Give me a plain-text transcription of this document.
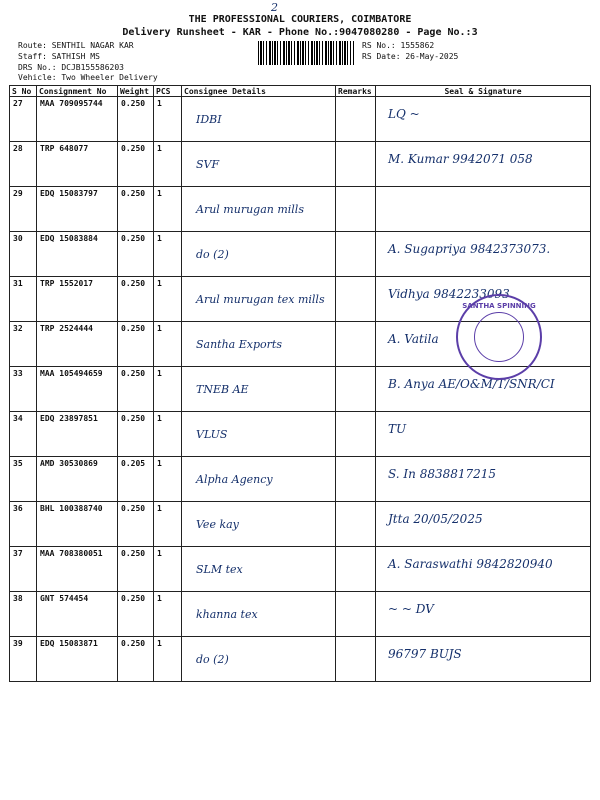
2
THE PROFESSIONAL COURIERS, COIMBATORE
Delivery Runsheet - KAR - Phone No.:9047080280 - Page No.:3
Route: SENTHIL NAGAR KAR
Staff: SATHISH MS
DRS No.: DCJB155586203
Vehicle: Two Wheeler Delivery
RS No.: 1555862
RS Date: 26-May-2025
S No	Consignment No	Weight	PCS	Consignee Details	Remarks	Seal & Signature
27	MAA 709095744	0.250	1	IDBI		LQ ~

28	TRP 648077	0.250	1	SVF		M. Kumar 9942071 058

29	EDQ 15083797	0.250	1	Arul murugan mills		

30	EDQ 15083884	0.250	1	do (2)		A. Sugapriya 9842373073.

31	TRP 1552017	0.250	1	Arul murugan tex mills		Vidhya 9842233093

32	TRP 2524444	0.250	1	Santha Exports		A. Vatila

33	MAA 105494659	0.250	1	TNEB AE		B. Anya AE/O&M/T/SNR/CI

34	EDQ 23897851	0.250	1	VLUS		TU

35	AMD 30530869	0.205	1	Alpha Agency		S. In 8838817215

36	BHL 100388740	0.250	1	Vee kay		Jtta 20/05/2025

37	MAA 708380051	0.250	1	SLM tex		A. Saraswathi 9842820940

38	GNT 574454	0.250	1	khanna tex		~ ~ DV

39	EDQ 15083871	0.250	1	do (2)		96797 BUJS
SANTHA SPINNING
